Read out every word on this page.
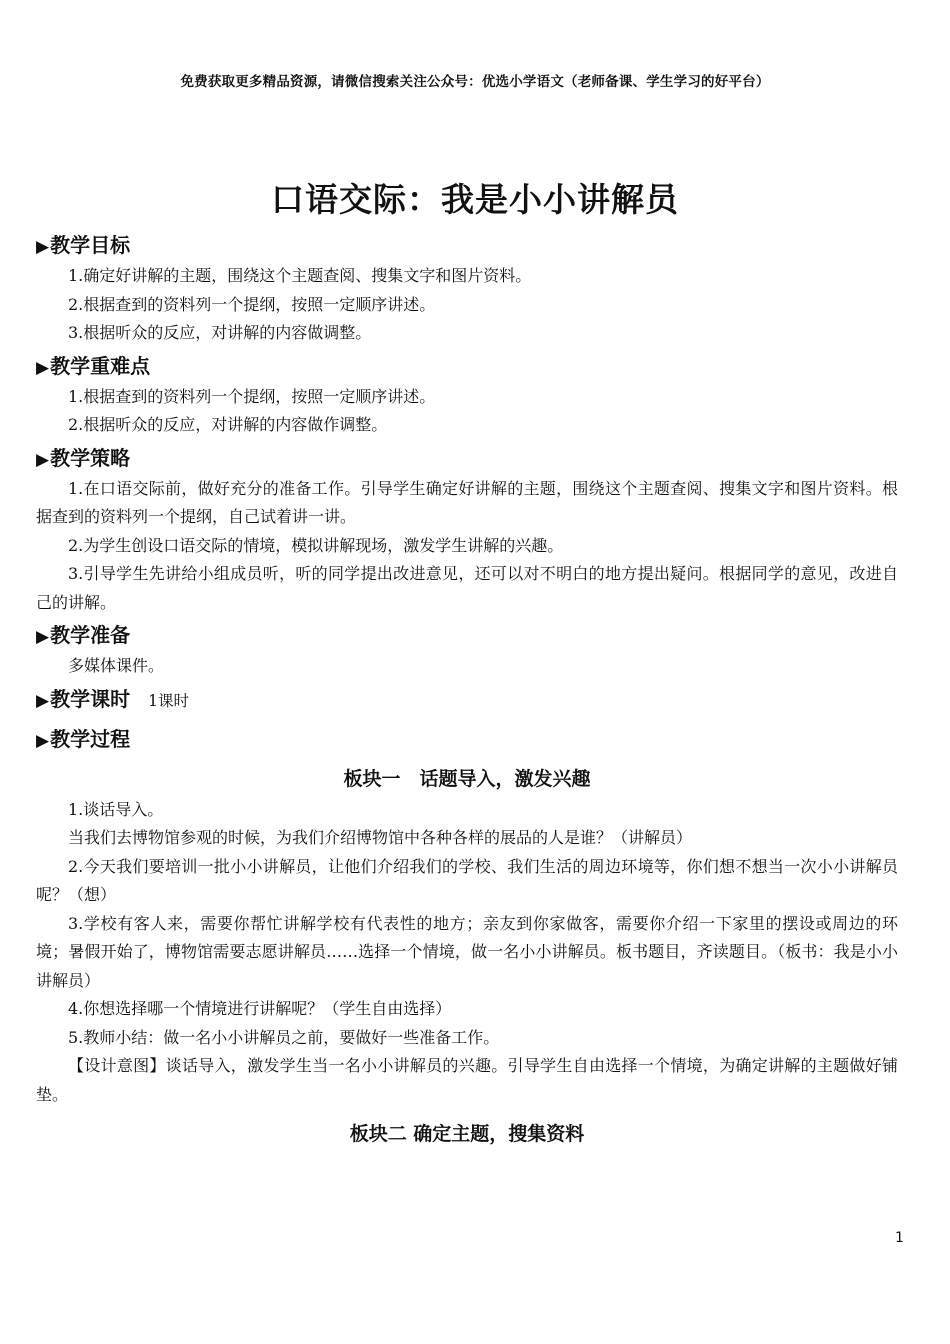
免费获取更多精品资源，请微信搜索关注公众号：优选小学语文（老师备课、学生学习的好平台）
口语交际：我是小小讲解员
▶教学目标

1.确定好讲解的主题，围绕这个主题查阅、搜集文字和图片资料。

2.根据查到的资料列一个提纲，按照一定顺序讲述。

3.根据听众的反应，对讲解的内容做调整。

▶教学重难点

1.根据查到的资料列一个提纲，按照一定顺序讲述。

2.根据听众的反应，对讲解的内容做作调整。

▶教学策略

1.在口语交际前，做好充分的准备工作。引导学生确定好讲解的主题，围绕这个主题查阅、搜集文字和图片资料。根据查到的资料列一个提纲，自己试着讲一讲。

2.为学生创设口语交际的情境，模拟讲解现场，激发学生讲解的兴趣。

3.引导学生先讲给小组成员听，听的同学提出改进意见，还可以对不明白的地方提出疑问。根据同学的意见，改进自己的讲解。

▶教学准备

多媒体课件。

▶教学课时 1课时
▶教学过程
板块一　话题导入，激发兴趣

1.谈话导入。

当我们去博物馆参观的时候，为我们介绍博物馆中各种各样的展品的人是谁？（讲解员）

2.今天我们要培训一批小小讲解员，让他们介绍我们的学校、我们生活的周边环境等，你们想不想当一次小小讲解员呢？（想）

3.学校有客人来，需要你帮忙讲解学校有代表性的地方；亲友到你家做客，需要你介绍一下家里的摆设或周边的环境；暑假开始了，博物馆需要志愿讲解员……选择一个情境，做一名小小讲解员。板书题目，齐读题目。（板书：我是小小讲解员）

4.你想选择哪一个情境进行讲解呢？（学生自由选择）

5.教师小结：做一名小小讲解员之前，要做好一些准备工作。

【设计意图】谈话导入，激发学生当一名小小讲解员的兴趣。引导学生自由选择一个情境，为确定讲解的主题做好铺垫。

板块二 确定主题，搜集资料
1
